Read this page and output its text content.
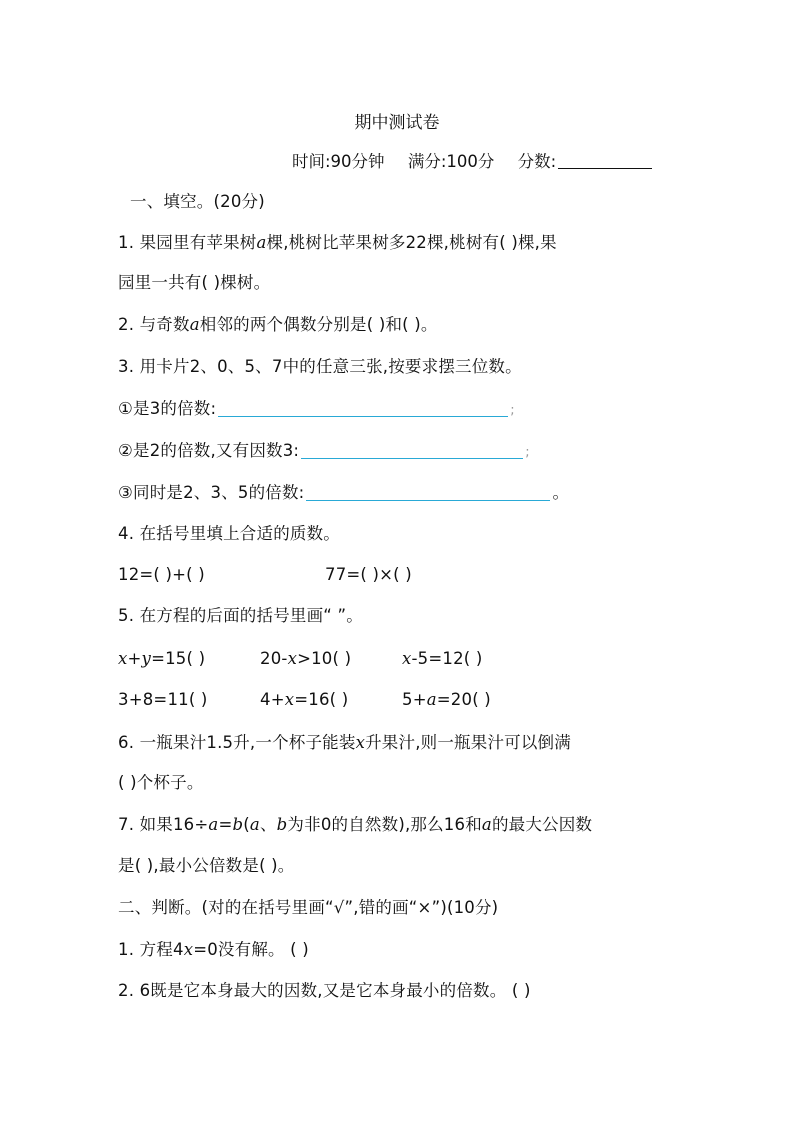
期中测试卷
时间:90分钟 满分:100分 分数:
一、填空。(20分)
1. 果园里有苹果树a棵,桃树比苹果树多22棵,桃树有( )棵,果
园里一共有( )棵树。
2. 与奇数a相邻的两个偶数分别是( )和( )。
3. 用卡片2、0、5、7中的任意三张,按要求摆三位数。
①是3的倍数:	;
②是2的倍数,又有因数3:	;
③同时是2、3、5的倍数:	。
4. 在括号里填上合适的质数。
12=( )+( )	77=( )×( )
5. 在方程的后面的括号里画“ ”。
x+y=15( )	20-x>10( )	x-5=12( )
3+8=11( )	4+x=16( )	5+a=20( )
6. 一瓶果汁1.5升,一个杯子能装x升果汁,则一瓶果汁可以倒满
( )个杯子。
7. 如果16÷a=b(a、b为非0的自然数),那么16和a的最大公因数
是( ),最小公倍数是( )。
二、判断。(对的在括号里画“√”,错的画“×”)(10分)
1. 方程4x=0没有解。 ( )
2. 6既是它本身最大的因数,又是它本身最小的倍数。 ( )
